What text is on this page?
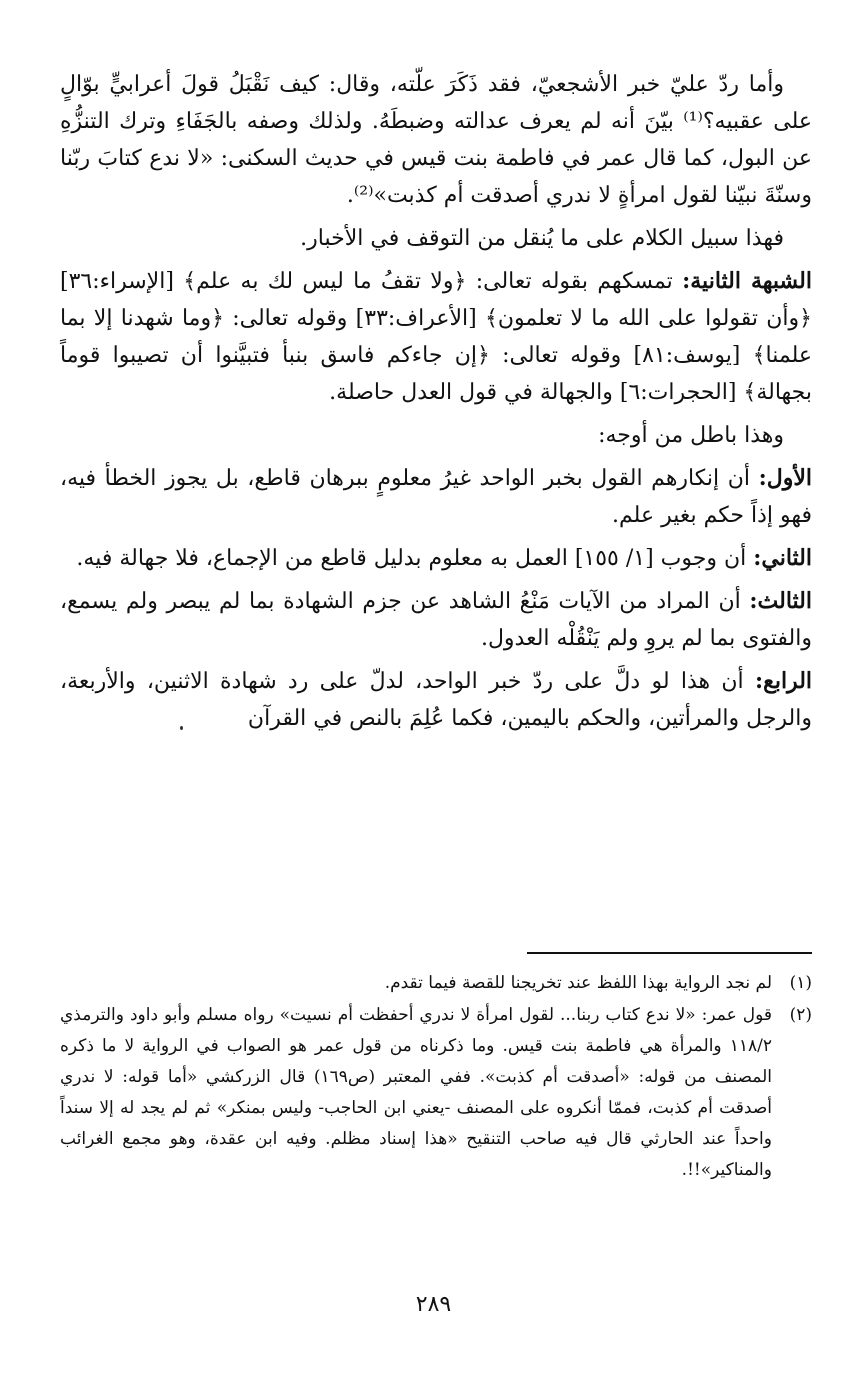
وأما ردّ عليّ خبر الأشجعيّ، فقد ذَكَرَ علّته، وقال: كيف نَقْبَلُ قولَ أعرابيٍّ بوّالٍ على عقبيه؟⁽¹⁾ بيّنَ أنه لم يعرف عدالته وضبطَهُ. ولذلك وصفه بالجَفَاءِ وترك التنزُّهِ عن البول، كما قال عمر في فاطمة بنت قيس في حديث السكنى: «لا ندع كتابَ ربّنا وسنّةَ نبيّنا لقول امرأةٍ لا ندري أصدقت أم كذبت»⁽²⁾.

فهذا سبيل الكلام على ما يُنقل من التوقف في الأخبار.

الشبهة الثانية: تمسكهم بقوله تعالى: ﴿ولا تقفُ ما ليس لك به علم﴾ [الإسراء:٣٦] ﴿وأن تقولوا على الله ما لا تعلمون﴾ [الأعراف:٣٣] وقوله تعالى: ﴿وما شهدنا إلا بما علمنا﴾ [يوسف:٨١] وقوله تعالى: ﴿إن جاءكم فاسق بنبأ فتبيَّنوا أن تصيبوا قوماً بجهالة﴾ [الحجرات:٦] والجهالة في قول العدل حاصلة.

وهذا باطل من أوجه:

الأول: أن إنكارهم القول بخبر الواحد غيرُ معلومٍ ببرهان قاطع، بل يجوز الخطأ فيه، فهو إذاً حكم بغير علم.

الثاني: أن وجوب [١/ ١٥٥] العمل به معلوم بدليل قاطع من الإجماع، فلا جهالة فيه.

الثالث: أن المراد من الآيات مَنْعُ الشاهد عن جزم الشهادة بما لم يبصر ولم يسمع، والفتوى بما لم يروِ ولم يَنْقُلْه العدول.

الرابع: أن هذا لو دلَّ على ردّ خبر الواحد، لدلّ على رد شهادة الاثنين، والأربعة، والرجل والمرأتين، والحكم باليمين، فكما عُلِمَ بالنص في القرآن

(١)
لم نجد الرواية بهذا اللفظ عند تخريجنا للقصة فيما تقدم.
(٢)
قول عمر: «لا ندع كتاب ربنا... لقول امرأة لا ندري أحفظت أم نسيت» رواه مسلم وأبو داود والترمذي ١١٨/٢ والمرأة هي فاطمة بنت قيس. وما ذكرناه من قول عمر هو الصواب في الرواية لا ما ذكره المصنف من قوله: «أصدقت أم كذبت». ففي المعتبر (ص١٦٩) قال الزركشي «أما قوله: لا ندري أصدقت أم كذبت، فممّا أنكروه على المصنف -يعني ابن الحاجب- وليس بمنكر» ثم لم يجد له إلا سنداً واحداً عند الحارثي قال فيه صاحب التنقيح «هذا إسناد مظلم. وفيه ابن عقدة، وهو مجمع الغرائب والمناكير»!!.
٢٨٩
